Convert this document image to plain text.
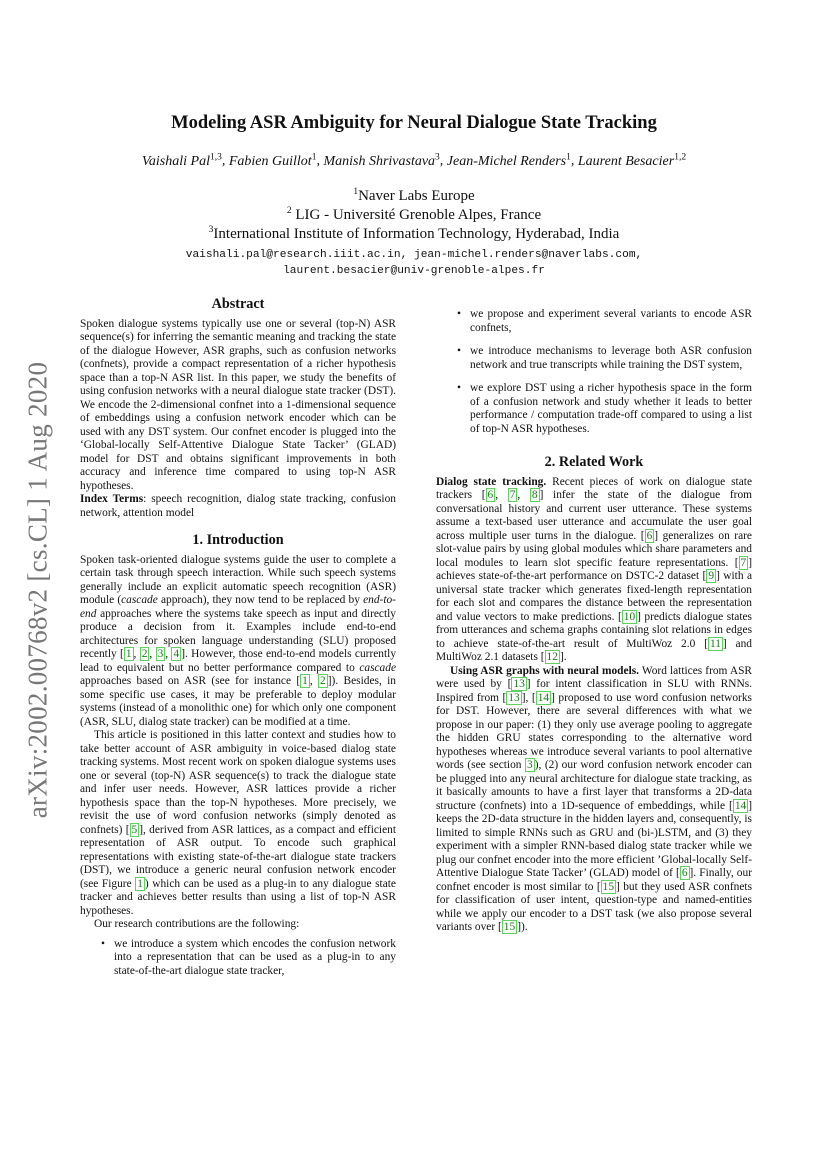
arXiv:2002.00768v2 [cs.CL] 1 Aug 2020
Modeling ASR Ambiguity for Neural Dialogue State Tracking
Vaishali Pal$^{1,3}$, Fabien Guillot$^1$, Manish Shrivastava$^3$, Jean-Michel Renders$^1$, Laurent Besacier$^{1,2}$
$^1$Naver Labs Europe
$^2$ LIG - Université Grenoble Alpes, France
$^3$International Institute of Information Technology, Hyderabad, India
vaishali.pal@research.iiit.ac.in, jean-michel.renders@naverlabs.com,
laurent.besacier@univ-grenoble-alpes.fr

Abstract

Spoken dialogue systems typically use one or several (top-N) ASR sequence(s) for inferring the semantic meaning and tracking the state of the dialogue However, ASR graphs, such as confusion networks (confnets), provide a compact representation of a richer hypothesis space than a top-N ASR list. In this paper, we study the benefits of using confusion networks with a neural dialogue state tracker (DST). We encode the 2-dimensional confnet into a 1-dimensional sequence of embeddings using a confusion network encoder which can be used with any DST system. Our confnet encoder is plugged into the ‘Global-locally Self-Attentive Dialogue State Tacker’ (GLAD) model for DST and obtains significant improvements in both accuracy and inference time compared to using top-N ASR hypotheses.

Index Terms: speech recognition, dialog state tracking, confusion network, attention model

1. Introduction

Spoken task-oriented dialogue systems guide the user to complete a certain task through speech interaction. While such speech systems generally include an explicit automatic speech recognition (ASR) module (cascade approach), they now tend to be replaced by end-to-end approaches where the systems take speech as input and directly produce a decision from it. Examples include end-to-end architectures for spoken language understanding (SLU) proposed recently [ 1 , 2 , 3 , 4 ]. However, those end-to-end models currently lead to equivalent but no better performance compared to cascade approaches based on ASR (see for instance [ 1 , 2 ]). Besides, in some specific use cases, it may be preferable to deploy modular systems (instead of a monolithic one) for which only one component (ASR, SLU, dialog state tracker) can be modified at a time.

This article is positioned in this latter context and studies how to take better account of ASR ambiguity in voice-based dialog state tracking systems. Most recent work on spoken dialogue systems uses one or several (top-N) ASR sequence(s) to track the dialogue state and infer user needs. However, ASR lattices provide a richer hypothesis space than the top-N hypotheses. More precisely, we revisit the use of word confusion networks (simply denoted as confnets) [ 5 ], derived from ASR lattices, as a compact and efficient representation of ASR output. To encode such graphical representations with existing state-of-the-art dialogue state trackers (DST), we introduce a generic neural confusion network encoder (see Figure 1 ) which can be used as a plug-in to any dialogue state tracker and achieves better results than using a list of top-N ASR hypotheses.

Our research contributions are the following:

• we introduce a system which encodes the confusion network into a representation that can be used as a plug-in to any state-of-the-art dialogue state tracker,

• we propose and experiment several variants to encode ASR confnets,

• we introduce mechanisms to leverage both ASR confusion network and true transcripts while training the DST system,

• we explore DST using a richer hypothesis space in the form of a confusion network and study whether it leads to better performance / computation trade-off compared to using a list of top-N ASR hypotheses.

2. Related Work

Dialog state tracking. Recent pieces of work on dialogue state trackers [ 6 , 7 , 8 ] infer the state of the dialogue from conversational history and current user utterance. These systems assume a text-based user utterance and accumulate the user goal across multiple user turns in the dialogue. [ 6 ] generalizes on rare slot-value pairs by using global modules which share parameters and local modules to learn slot specific feature representations. [ 7 ] achieves state-of-the-art performance on DSTC-2 dataset [ 9 ] with a universal state tracker which generates fixed-length representation for each slot and compares the distance between the representation and value vectors to make predictions. [ 10 ] predicts dialogue states from utterances and schema graphs containing slot relations in edges to achieve state-of-the-art result of MultiWoz 2.0 [ 11 ] and MultiWoz 2.1 datasets [ 12 ].

Using ASR graphs with neural models. Word lattices from ASR were used by [ 13 ] for intent classification in SLU with RNNs. Inspired from [ 13 ], [ 14 ] proposed to use word confusion networks for DST. However, there are several differences with what we propose in our paper: (1) they only use average pooling to aggregate the hidden GRU states corresponding to the alternative word hypotheses whereas we introduce several variants to pool alternative words (see section 3 ), (2) our word confusion network encoder can be plugged into any neural architecture for dialogue state tracking, as it basically amounts to have a first layer that transforms a 2D-data structure (confnets) into a 1D-sequence of embeddings, while [ 14 ] keeps the 2D-data structure in the hidden layers and, consequently, is limited to simple RNNs such as GRU and (bi-)LSTM, and (3) they experiment with a simpler RNN-based dialog state tracker while we plug our confnet encoder into the more efficient ’Global-locally Self-Attentive Dialogue State Tacker’ (GLAD) model of [ 6 ]. Finally, our confnet encoder is most similar to [ 15 ] but they used ASR confnets for classification of user intent, question-type and named-entities while we apply our encoder to a DST task (we also propose several variants over [ 15 ]).
